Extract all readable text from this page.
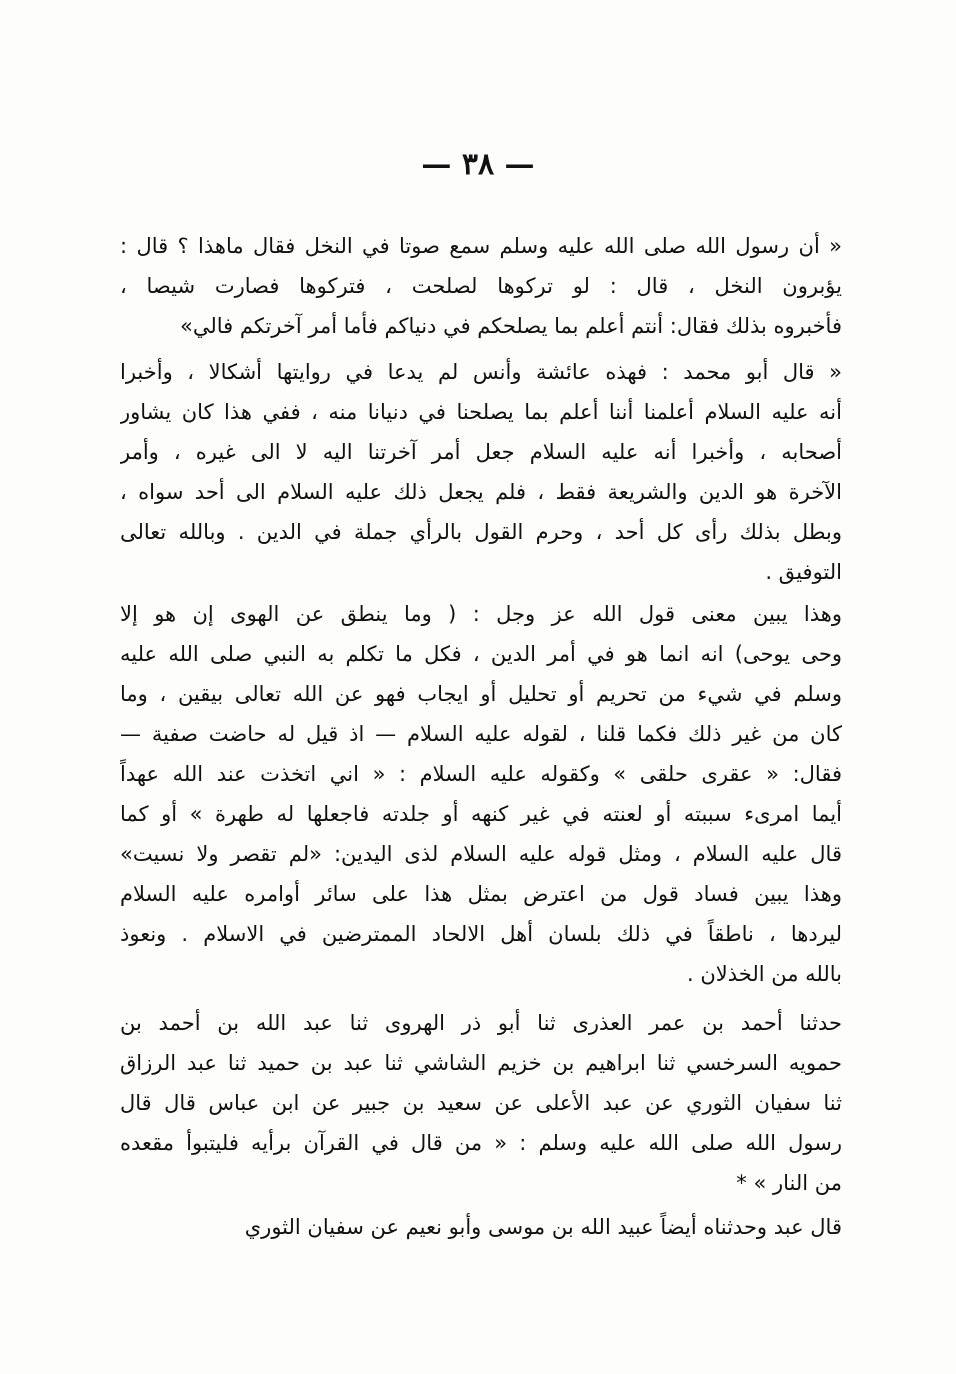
— ٣٨ —
« أن رسول الله صلى الله عليه وسلم سمع صوتا في النخل فقال ماهذا ؟ قال :
يؤبرون النخل ، قال : لو تركوها لصلحت ، فتركوها فصارت شيصا ،
فأخبروه بذلك فقال: أنتم أعلم بما يصلحكم في دنياكم فأما أمر آخرتكم فالي»
« قال أبو محمد : فهذه عائشة وأنس لم يدعا في روايتها أشكالا ، وأخبرا
أنه عليه السلام أعلمنا أننا أعلم بما يصلحنا في دنيانا منه ، ففي هذا كان يشاور
أصحابه ، وأخبرا أنه عليه السلام جعل أمر آخرتنا اليه لا الى غيره ، وأمر
الآخرة هو الدين والشريعة فقط ، فلم يجعل ذلك عليه السلام الى أحد سواه ،
وبطل بذلك رأى كل أحد ، وحرم القول بالرأي جملة في الدين . وبالله تعالى
التوفيق .
وهذا يبين معنى قول الله عز وجل : ( وما ينطق عن الهوى إن هو إلا
وحى يوحى) انه انما هو في أمر الدين ، فكل ما تكلم به النبي صلى الله عليه
وسلم في شيء من تحريم أو تحليل أو ايجاب فهو عن الله تعالى بيقين ، وما
كان من غير ذلك فكما قلنا ، لقوله عليه السلام — اذ قيل له حاضت صفية —
فقال: « عقرى حلقى » وكقوله عليه السلام : « اني اتخذت عند الله عهداً
أيما امرىء سببته أو لعنته في غير كنهه أو جلدته فاجعلها له طهرة » أو كما
قال عليه السلام ، ومثل قوله عليه السلام لذى اليدين: «لم تقصر ولا نسيت»
وهذا يبين فساد قول من اعترض بمثل هذا على سائر أوامره عليه السلام
ليردها ، ناطقاً في ذلك بلسان أهل الالحاد الممترضين في الاسلام . ونعوذ
بالله من الخذلان .
حدثنا أحمد بن عمر العذرى ثنا أبو ذر الهروى ثنا عبد الله بن أحمد بن
حمويه السرخسي ثنا ابراهيم بن خزيم الشاشي ثنا عبد بن حميد ثنا عبد الرزاق
ثنا سفيان الثوري عن عبد الأعلى عن سعيد بن جبير عن ابن عباس قال قال
رسول الله صلى الله عليه وسلم : « من قال في القرآن برأيه فليتبوأ مقعده
من النار » *
قال عبد وحدثناه أيضاً عبيد الله بن موسى وأبو نعيم عن سفيان الثوري
